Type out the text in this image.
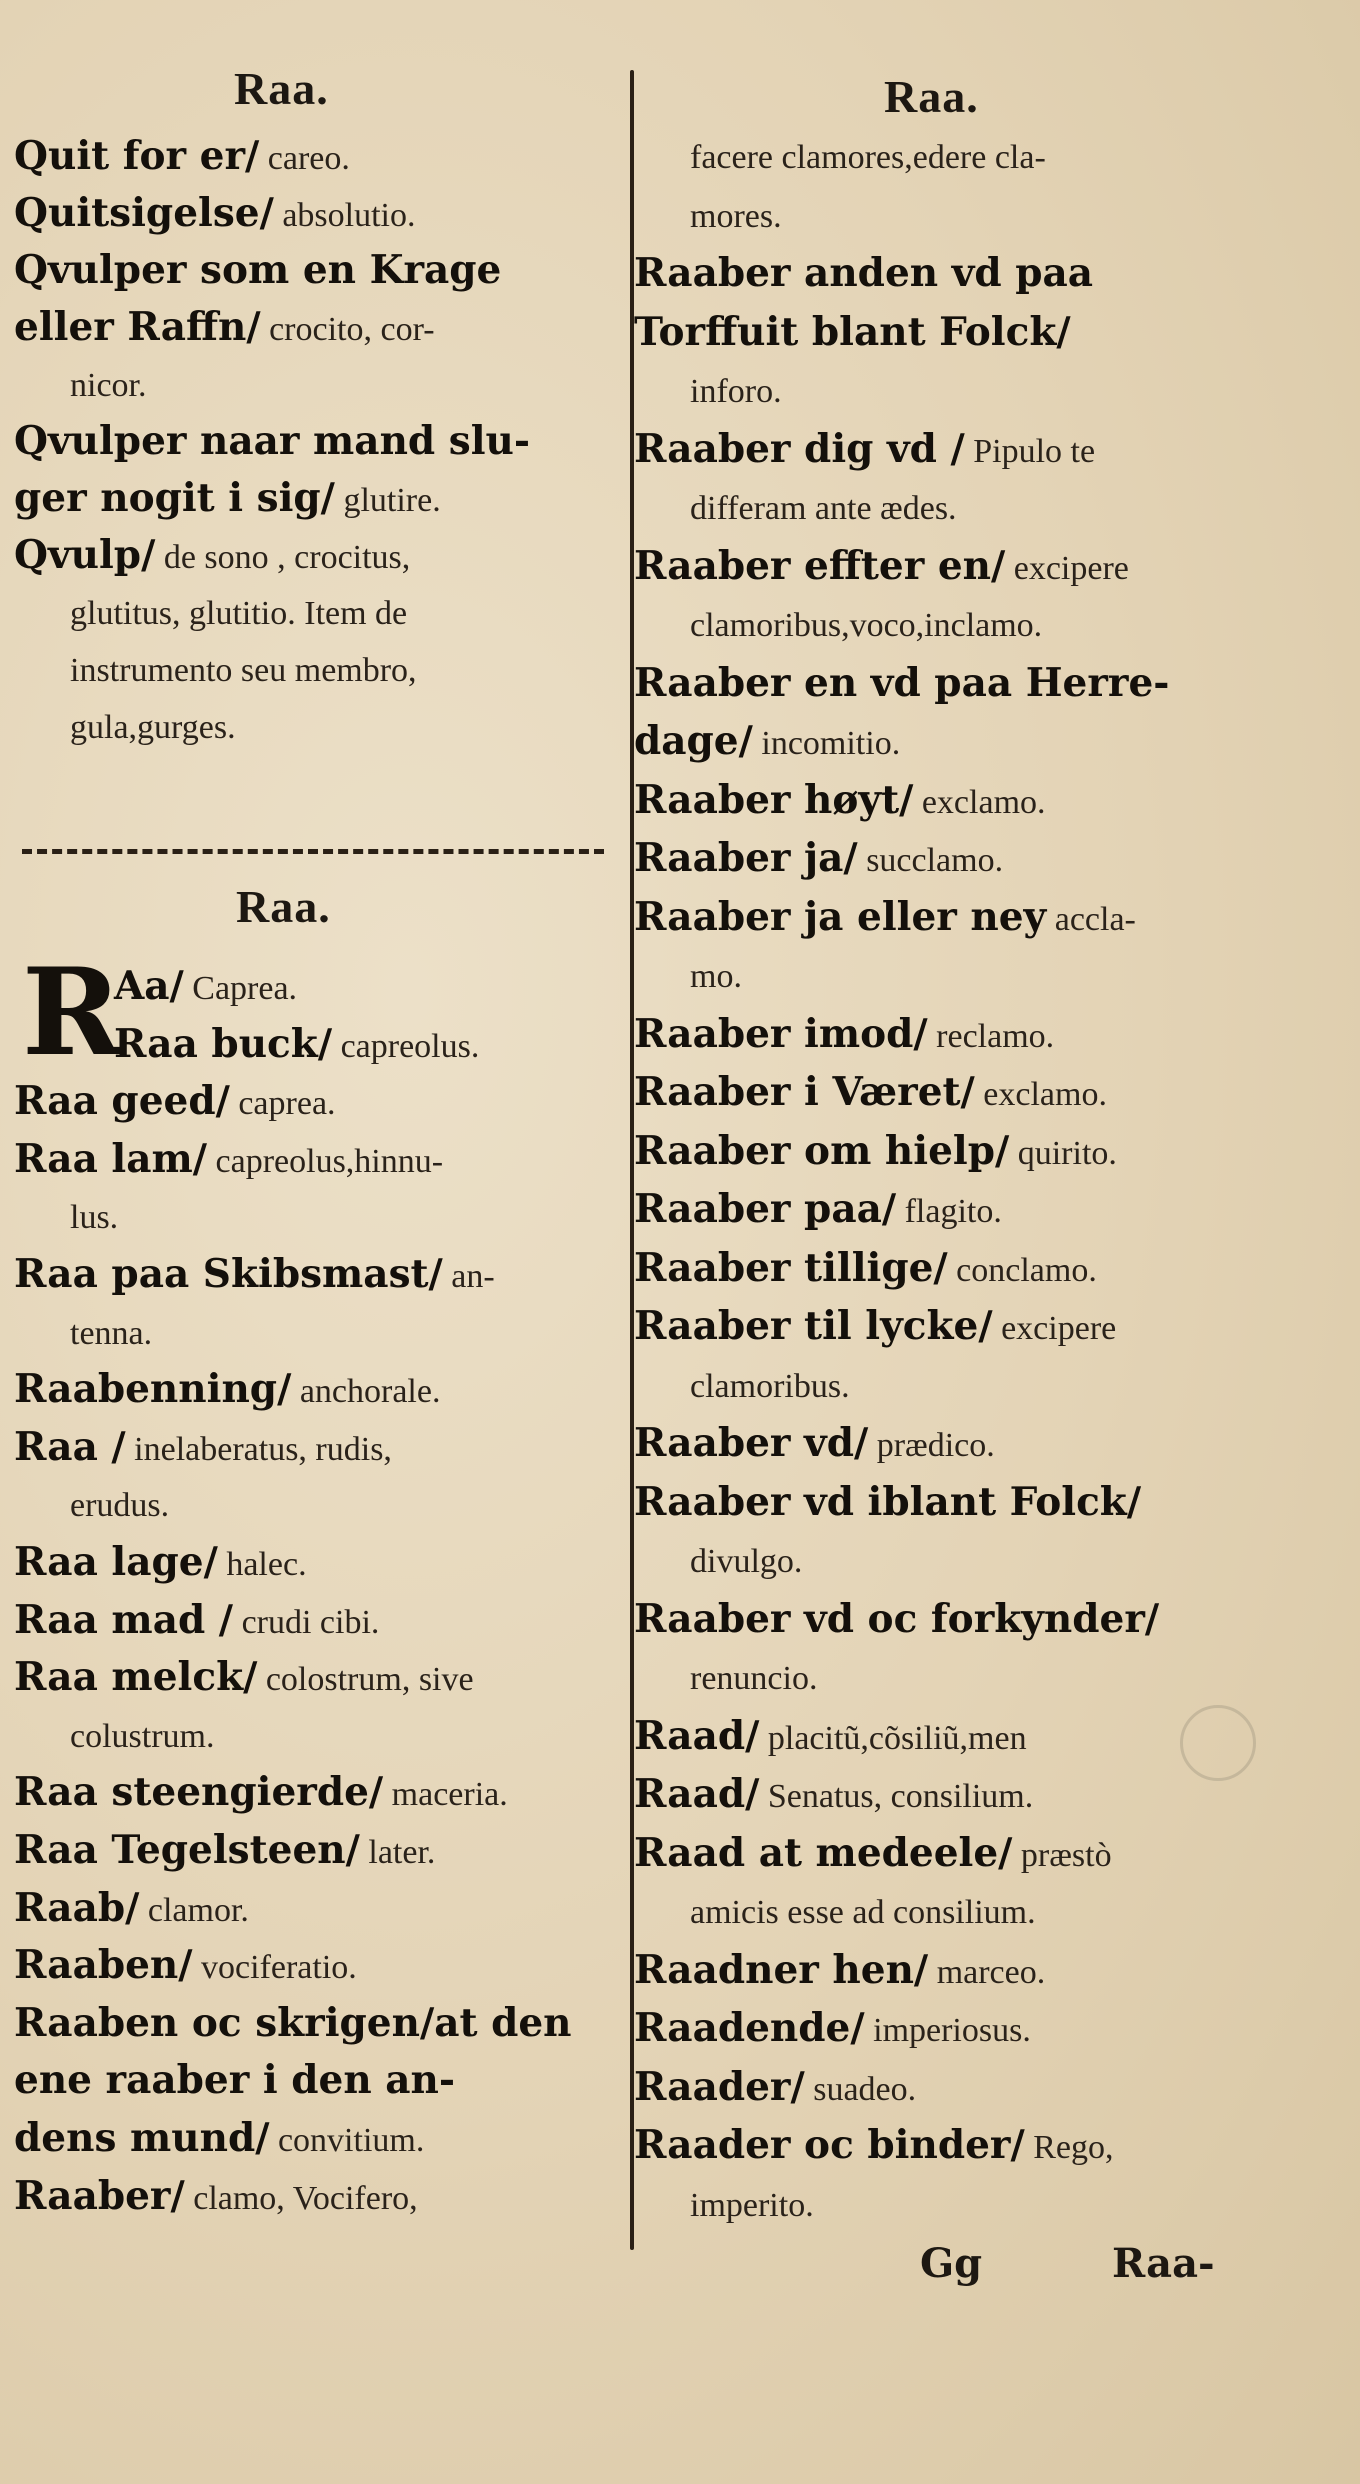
Raa.
Quit for er/ careo.
Quitsigelse/ absolutio.
Qvulper som en Krage
eller Raffn/ crocito, cor-
nicor.
Qvulper naar mand slu-
ger nogit i sig/ glutire.
Qvulp/ de sono , crocitus,
glutitus, glutitio. Item de
instrumento seu membro,
gula,gurges.
Raa.
R
Aa/ Caprea.
Raa buck/ capreolus.
Raa geed/ caprea.
Raa lam/ capreolus,hinnu-
lus.
Raa paa Skibsmast/ an-
tenna.
Raabenning/ anchorale.
Raa / inelaberatus, rudis,
erudus.
Raa lage/ halec.
Raa mad / crudi cibi.
Raa melck/ colostrum, sive
colustrum.
Raa steengierde/ maceria.
Raa Tegelsteen/ later.
Raab/ clamor.
Raaben/ vociferatio.
Raaben oc skrigen/at den
ene raaber i den an-
dens mund/ convitium.
Raaber/ clamo, Vocifero,
Raa.
facere clamores,edere cla-
mores.
Raaber anden vd paa
Torffuit blant Folck/
inforo.
Raaber dig vd / Pipulo te
differam ante ædes.
Raaber effter en/ excipere
clamoribus,voco,inclamo.
Raaber en vd paa Herre-
dage/ incomitio.
Raaber høyt/ exclamo.
Raaber ja/ succlamo.
Raaber ja eller ney accla-
mo.
Raaber imod/ reclamo.
Raaber i Været/ exclamo.
Raaber om hielp/ quirito.
Raaber paa/ flagito.
Raaber tillige/ conclamo.
Raaber til lycke/ excipere
clamoribus.
Raaber vd/ prædico.
Raaber vd iblant Folck/
divulgo.
Raaber vd oc forkynder/
renuncio.
Raad/ placitũ,cõsiliũ,men
Raad/ Senatus, consilium.
Raad at medeele/ præstò
amicis esse ad consilium.
Raadner hen/ marceo.
Raadende/ imperiosus.
Raader/ suadeo.
Raader oc binder/ Rego,
imperito.
Gg	Raa-
